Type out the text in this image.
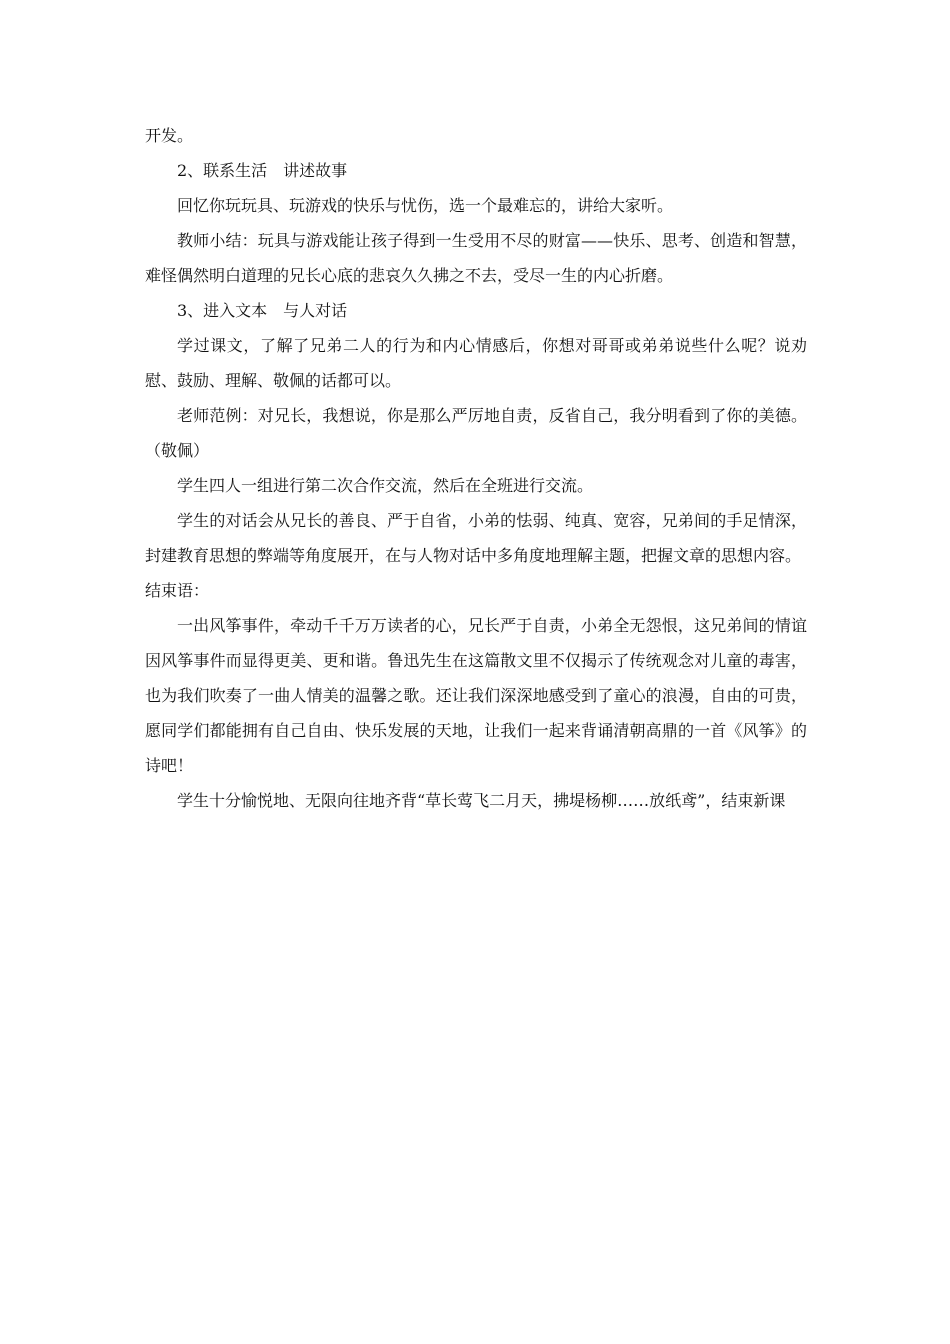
开发。

2、联系生活　讲述故事

回忆你玩玩具、玩游戏的快乐与忧伤，选一个最难忘的，讲给大家听。

教师小结：玩具与游戏能让孩子得到一生受用不尽的财富——快乐、思考、创造和智慧，难怪偶然明白道理的兄长心底的悲哀久久拂之不去，受尽一生的内心折磨。

3、进入文本　与人对话

学过课文，了解了兄弟二人的行为和内心情感后，你想对哥哥或弟弟说些什么呢？说劝慰、鼓励、理解、敬佩的话都可以。

老师范例：对兄长，我想说，你是那么严厉地自责，反省自己，我分明看到了你的美德。（敬佩）

学生四人一组进行第二次合作交流，然后在全班进行交流。

学生的对话会从兄长的善良、严于自省，小弟的怯弱、纯真、宽容，兄弟间的手足情深，封建教育思想的弊端等角度展开，在与人物对话中多角度地理解主题，把握文章的思想内容。

结束语：

一出风筝事件，牵动千千万万读者的心，兄长严于自责，小弟全无怨恨，这兄弟间的情谊因风筝事件而显得更美、更和谐。鲁迅先生在这篇散文里不仅揭示了传统观念对儿童的毒害，也为我们吹奏了一曲人情美的温馨之歌。还让我们深深地感受到了童心的浪漫，自由的可贵，愿同学们都能拥有自己自由、快乐发展的天地，让我们一起来背诵清朝高鼎的一首《风筝》的诗吧！

学生十分愉悦地、无限向往地齐背“草长莺飞二月天，拂堤杨柳……放纸鸢”，结束新课
